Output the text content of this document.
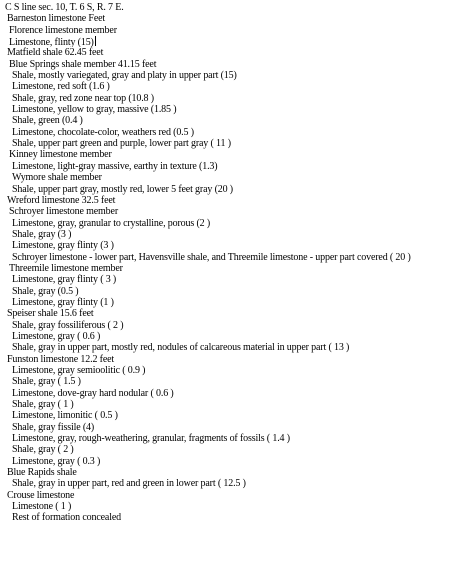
C S line sec. 10, T. 6 S, R. 7 E.
Barneston limestone Feet
Florence limestone member
Limestone, flinty (15)
Matfield shale 62.45 feet
Blue Springs shale member 41.15 feet
Shale, mostly variegated, gray and platy in upper part (15)
Limestone, red soft (1.6 )
Shale, gray, red zone near top (10.8 )
Limestone, yellow to gray, massive (1.85 )
Shale, green (0.4 )
Limestone, chocolate-color, weathers red (0.5 )
Shale, upper part green and purple, lower part gray ( 11 )
Kinney limestone member
Limestone, light-gray massive, earthy in texture (1.3)
Wymore shale member
Shale, upper part gray, mostly red, lower 5 feet gray (20 )
Wreford limestone 32.5 feet
Schroyer limestone member
Limestone, gray, granular to crystalline, porous (2 )
Shale, gray (3 )
Limestone, gray flinty (3 )
Schroyer limestone - lower part, Havensville shale, and Threemile limestone - upper part covered ( 20 )
Threemile limestone member
Limestone, gray flinty ( 3 )
Shale, gray (0.5 )
Limestone, gray flinty (1 )
Speiser shale 15.6 feet
Shale, gray fossiliferous ( 2 )
Limestone, gray ( 0.6 )
Shale, gray in upper part, mostly red, nodules of calcareous material in upper part ( 13 )
Funston limestone 12.2 feet
Limestone, gray semioolitic ( 0.9 )
Shale, gray ( 1.5 )
Limestone, dove-gray hard nodular ( 0.6 )
Shale, gray ( 1 )
Limestone, limonitic ( 0.5 )
Shale, gray fissile (4)
Limestone, gray, rough-weathering, granular, fragments of fossils ( 1.4 )
Shale, gray ( 2 )
Limestone, gray ( 0.3 )
Blue Rapids shale
Shale, gray in upper part, red and green in lower part ( 12.5 )
Crouse limestone
Limestone ( 1 )
Rest of formation concealed
